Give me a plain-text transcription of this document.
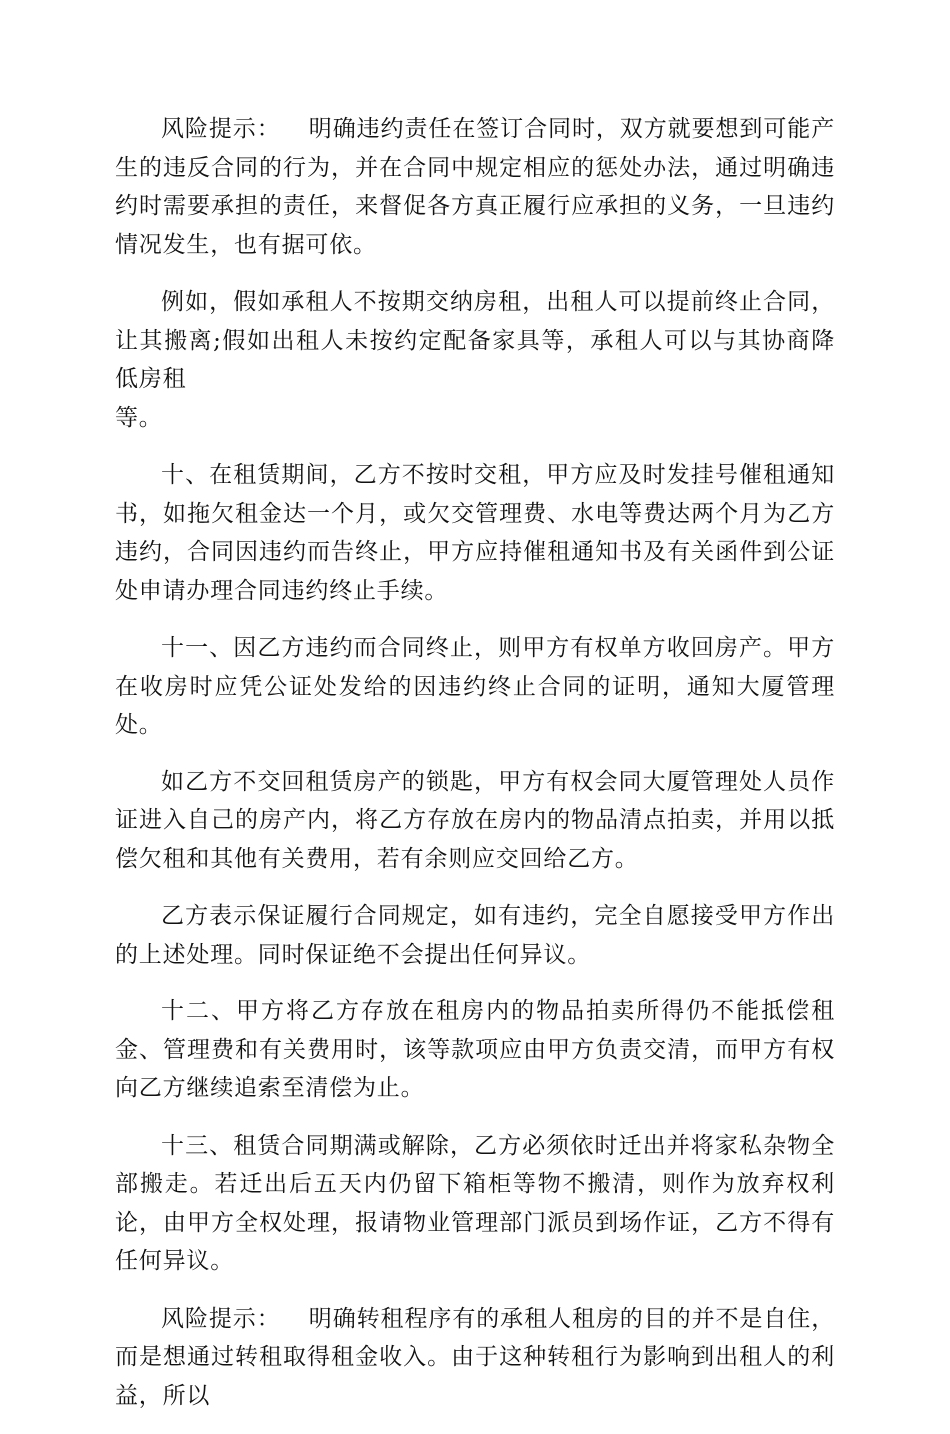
风险提示： 明确违约责任在签订合同时，双方就要想到可能产生的违反合同的行为，并在合同中规定相应的惩处办法，通过明确违约时需要承担的责任，来督促各方真正履行应承担的义务，一旦违约情况发生，也有据可依。

例如，假如承租人不按期交纳房租，出租人可以提前终止合同，让其搬离;假如出租人未按约定配备家具等，承租人可以与其协商降低房租
等。

十、在租赁期间，乙方不按时交租，甲方应及时发挂号催租通知书，如拖欠租金达一个月，或欠交管理费、水电等费达两个月为乙方违约，合同因违约而告终止，甲方应持催租通知书及有关函件到公证处申请办理合同违约终止手续。

十一、因乙方违约而合同终止，则甲方有权单方收回房产。甲方在收房时应凭公证处发给的因违约终止合同的证明，通知大厦管理处。

如乙方不交回租赁房产的锁匙，甲方有权会同大厦管理处人员作证进入自己的房产内，将乙方存放在房内的物品清点拍卖，并用以抵偿欠租和其他有关费用，若有余则应交回给乙方。

乙方表示保证履行合同规定，如有违约，完全自愿接受甲方作出的上述处理。同时保证绝不会提出任何异议。

十二、甲方将乙方存放在租房内的物品拍卖所得仍不能抵偿租金、管理费和有关费用时，该等款项应由甲方负责交清，而甲方有权向乙方继续追索至清偿为止。

十三、租赁合同期满或解除，乙方必须依时迁出并将家私杂物全部搬走。若迁出后五天内仍留下箱柜等物不搬清，则作为放弃权利论，由甲方全权处理，报请物业管理部门派员到场作证，乙方不得有任何异议。

风险提示： 明确转租程序有的承租人租房的目的并不是自住，而是想通过转租取得租金收入。由于这种转租行为影响到出租人的利益，所以
